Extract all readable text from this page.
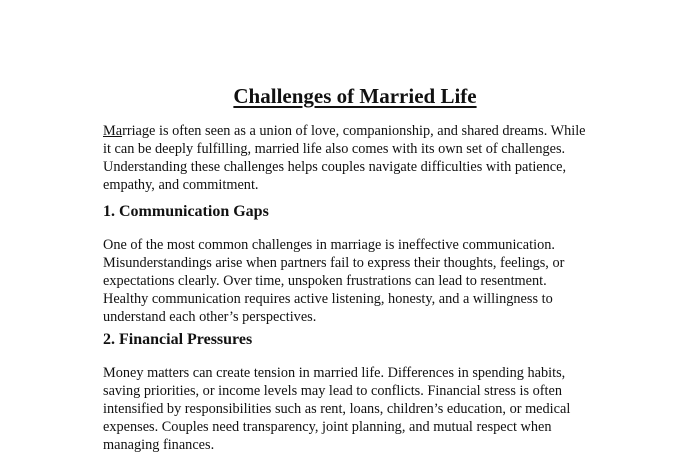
Challenges of Married Life

Marriage is often seen as a union of love, companionship, and shared dreams. While it can be deeply fulfilling, married life also comes with its own set of challenges. Understanding these challenges helps couples navigate difficulties with patience, empathy, and commitment.

1. Communication Gaps

One of the most common challenges in marriage is ineffective communication. Misunderstandings arise when partners fail to express their thoughts, feelings, or expectations clearly. Over time, unspoken frustrations can lead to resentment. Healthy communication requires active listening, honesty, and a willingness to understand each other’s perspectives.

2. Financial Pressures

Money matters can create tension in married life. Differences in spending habits, saving priorities, or income levels may lead to conflicts. Financial stress is often intensified by responsibilities such as rent, loans, children’s education, or medical expenses. Couples need transparency, joint planning, and mutual respect when managing finances.
